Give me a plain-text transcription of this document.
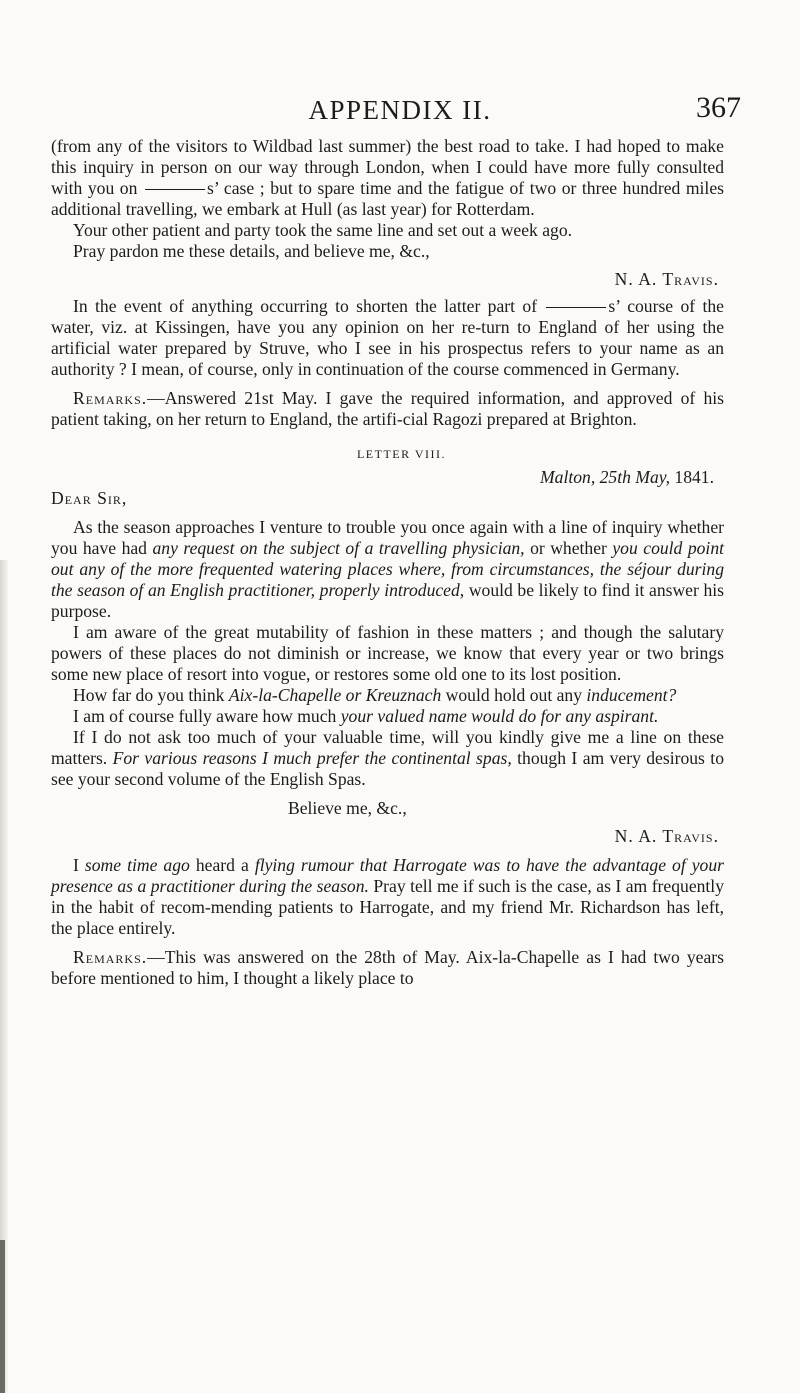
APPENDIX II.	367

(from any of the visitors to Wildbad last summer) the best road to take. I had hoped to make this inquiry in person on our way through London, when I could have more fully consulted with you on	s’ case ; but to spare time and the fatigue of two or three hundred miles additional travelling, we embark at Hull (as last year) for Rotterdam.

Your other patient and party took the same line and set out a week ago.

Pray pardon me these details, and believe me, &c.,

N. A. Travis.

In the event of anything occurring to shorten the latter part of	s’ course of the water, viz. at Kissingen, have you any opinion on her re-turn to England of her using the artificial water prepared by Struve, who I see in his prospectus refers to your name as an authority ? I mean, of course, only in continuation of the course commenced in Germany.

Remarks.—Answered 21st May. I gave the required information, and approved of his patient taking, on her return to England, the artifi-cial Ragozi prepared at Brighton.

LETTER VIII.

Malton, 25th May, 1841.

Dear Sir,

As the season approaches I venture to trouble you once again with a line of inquiry whether you have had any request on the subject of a travelling physician, or whether you could point out any of the more frequented watering places where, from circumstances, the séjour during the season of an English practitioner, properly introduced, would be likely to find it answer his purpose.

I am aware of the great mutability of fashion in these matters ; and though the salutary powers of these places do not diminish or increase, we know that every year or two brings some new place of resort into vogue, or restores some old one to its lost position.

How far do you think Aix-la-Chapelle or Kreuznach would hold out any inducement?

I am of course fully aware how much your valued name would do for any aspirant.

If I do not ask too much of your valuable time, will you kindly give me a line on these matters. For various reasons I much prefer the continental spas, though I am very desirous to see your second volume of the English Spas.

Believe me, &c.,

N. A. Travis.

I some time ago heard a flying rumour that Harrogate was to have the advantage of your presence as a practitioner during the season. Pray tell me if such is the case, as I am frequently in the habit of recom-mending patients to Harrogate, and my friend Mr. Richardson has left, the place entirely.

Remarks.—This was answered on the 28th of May. Aix-la-Chapelle as I had two years before mentioned to him, I thought a likely place to
